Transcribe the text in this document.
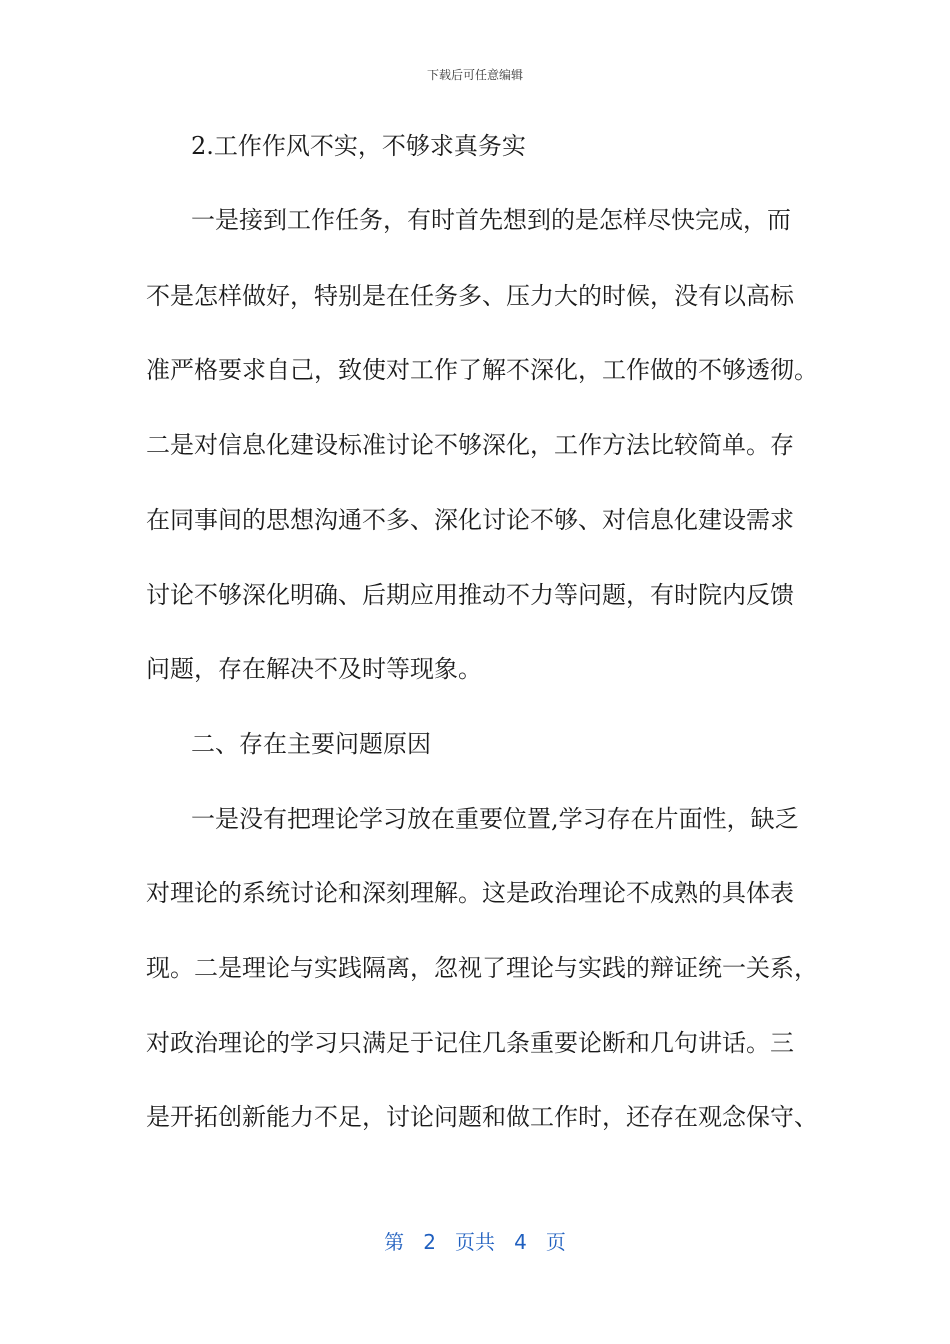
下载后可任意编辑
2.工作作风不实，不够求真务实
一是接到工作任务，有时首先想到的是怎样尽快完成，而
不是怎样做好，特别是在任务多、压力大的时候，没有以高标
准严格要求自己，致使对工作了解不深化，工作做的不够透彻。
二是对信息化建设标准讨论不够深化，工作方法比较简单。存
在同事间的思想沟通不多、深化讨论不够、对信息化建设需求
讨论不够深化明确、后期应用推动不力等问题，有时院内反馈
问题，存在解决不及时等现象。
二、存在主要问题原因
一是没有把理论学习放在重要位置,学习存在片面性，缺乏
对理论的系统讨论和深刻理解。这是政治理论不成熟的具体表
现。二是理论与实践隔离，忽视了理论与实践的辩证统一关系，
对政治理论的学习只满足于记住几条重要论断和几句讲话。三
是开拓创新能力不足，讨论问题和做工作时，还存在观念保守、
第 2 页共 4 页
